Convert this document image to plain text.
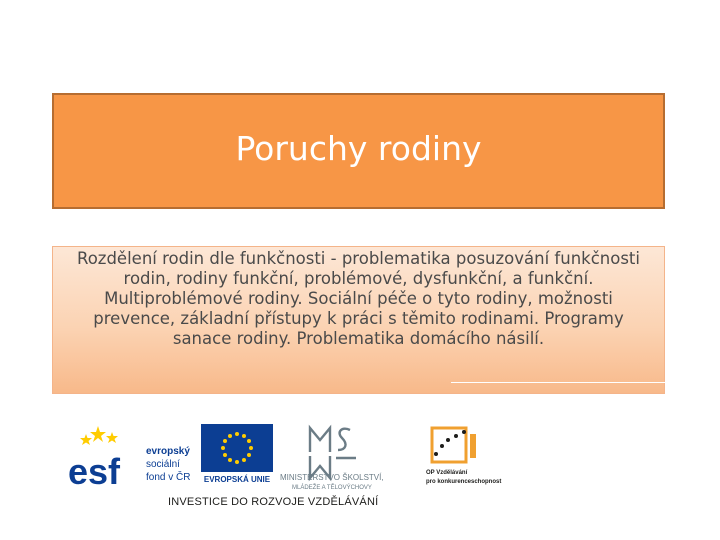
Poruchy rodiny
Rozdělení rodin dle funkčnosti - problematika posuzování funkčnosti rodin, rodiny funkční, problémové, dysfunkční, a funkční. Multiproblémové rodiny. Sociální péče o tyto rodiny, možnosti prevence, základní přístupy k práci s těmito rodinami. Programy sanace rodiny. Problematika domácího násilí.
esf	evropský
sociální
fond v ČR EVROPSKÁ UNIE MINISTERSTVO ŠKOLSTVÍ,
MLÁDEŽE A TĚLOVÝCHOVY
OP Vzdělávání
pro konkurenceschopnost
INVESTICE DO ROZVOJE VZDĚLÁVÁNÍ
